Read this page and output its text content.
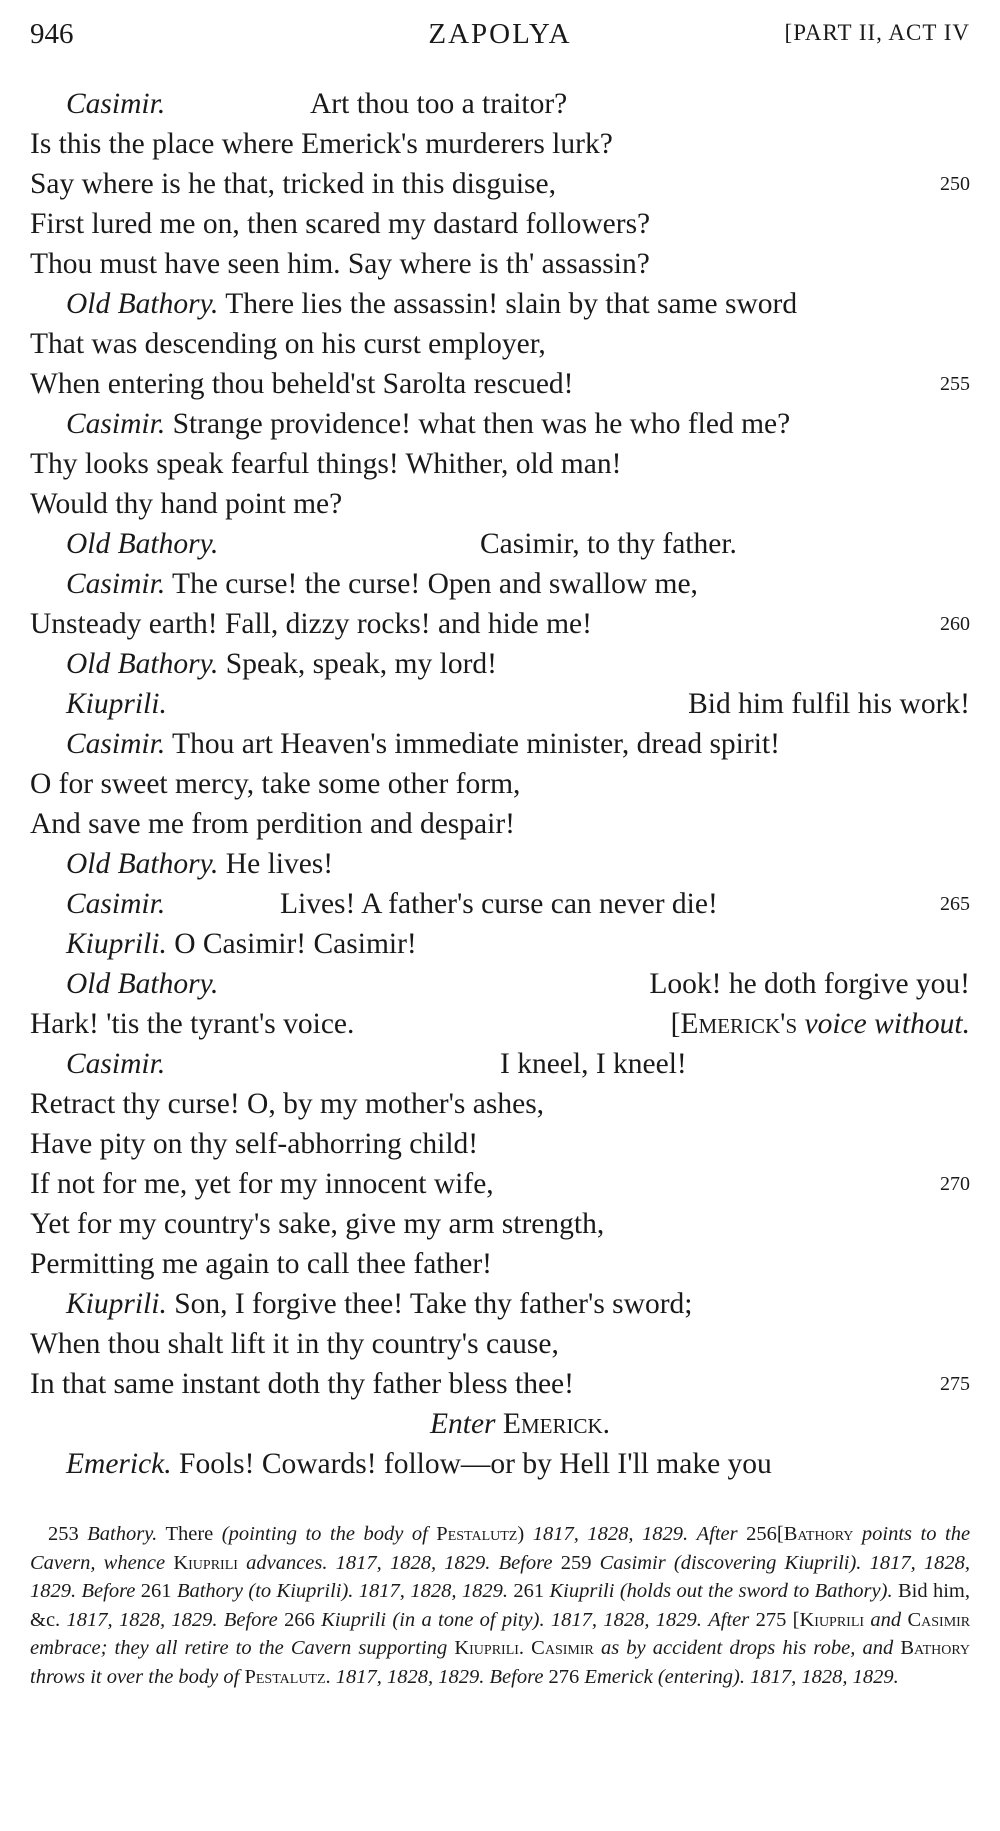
946	ZAPOLYA	[PART II, ACT IV
Casimir.	Art thou too a traitor?
Is this the place where Emerick's murderers lurk?
Say where is he that, tricked in this disguise,	250
First lured me on, then scared my dastard followers?
Thou must have seen him. Say where is th' assassin?
Old Bathory. There lies the assassin! slain by that same sword
That was descending on his curst employer,
When entering thou beheld'st Sarolta rescued!	255
Casimir. Strange providence! what then was he who fled me?
Thy looks speak fearful things! Whither, old man!
Would thy hand point me?
Old Bathory.	Casimir, to thy father.
Casimir. The curse! the curse! Open and swallow me,
Unsteady earth! Fall, dizzy rocks! and hide me!	260
Old Bathory. Speak, speak, my lord!
Kiuprili.	Bid him fulfil his work!
Casimir. Thou art Heaven's immediate minister, dread spirit!
O for sweet mercy, take some other form,
And save me from perdition and despair!
Old Bathory. He lives!
Casimir.	Lives! A father's curse can never die!	265
Kiuprili. O Casimir! Casimir!
Old Bathory.	Look! he doth forgive you!
Hark! 'tis the tyrant's voice.	[Emerick's voice without.
Casimir.	I kneel, I kneel!
Retract thy curse! O, by my mother's ashes,
Have pity on thy self-abhorring child!
If not for me, yet for my innocent wife,	270
Yet for my country's sake, give my arm strength,
Permitting me again to call thee father!
Kiuprili. Son, I forgive thee! Take thy father's sword;
When thou shalt lift it in thy country's cause,
In that same instant doth thy father bless thee!	275
Enter Emerick.
Emerick. Fools! Cowards! follow—or by Hell I'll make you

253 Bathory. There (pointing to the body of Pestalutz) 1817, 1828, 1829. After 256[Bathory points to the Cavern, whence Kiuprili advances. 1817, 1828, 1829. Before 259 Casimir (discovering Kiuprili). 1817, 1828, 1829. Before 261 Bathory (to Kiuprili). 1817, 1828, 1829. 261 Kiuprili (holds out the sword to Bathory). Bid him, &c. 1817, 1828, 1829. Before 266 Kiuprili (in a tone of pity). 1817, 1828, 1829. After 275 [Kiuprili and Casimir embrace; they all retire to the Cavern supporting Kiuprili. Casimir as by accident drops his robe, and Bathory throws it over the body of Pestalutz. 1817, 1828, 1829. Before 276 Emerick (entering). 1817, 1828, 1829.
